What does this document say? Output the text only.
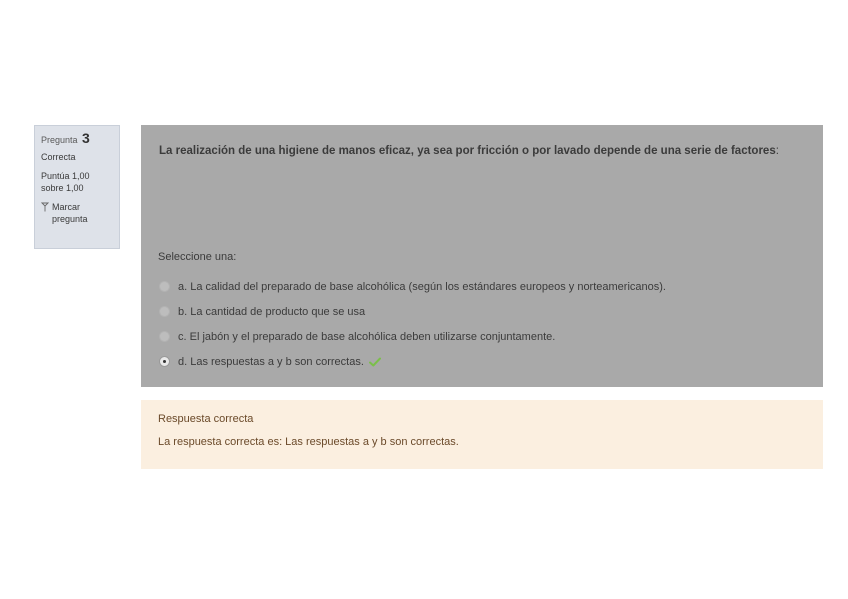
Pregunta 3
Correcta
Puntúa 1,00
sobre 1,00
Marcar
pregunta
La realización de una higiene de manos eficaz, ya sea por fricción o por lavado depende de una serie de factores:
Seleccione una:
a. La calidad del preparado de base alcohólica (según los estándares europeos y norteamericanos).
b. La cantidad de producto que se usa
c. El jabón y el preparado de base alcohólica deben utilizarse conjuntamente.
d. Las respuestas a y b son correctas.
Respuesta correcta
La respuesta correcta es: Las respuestas a y b son correctas.
